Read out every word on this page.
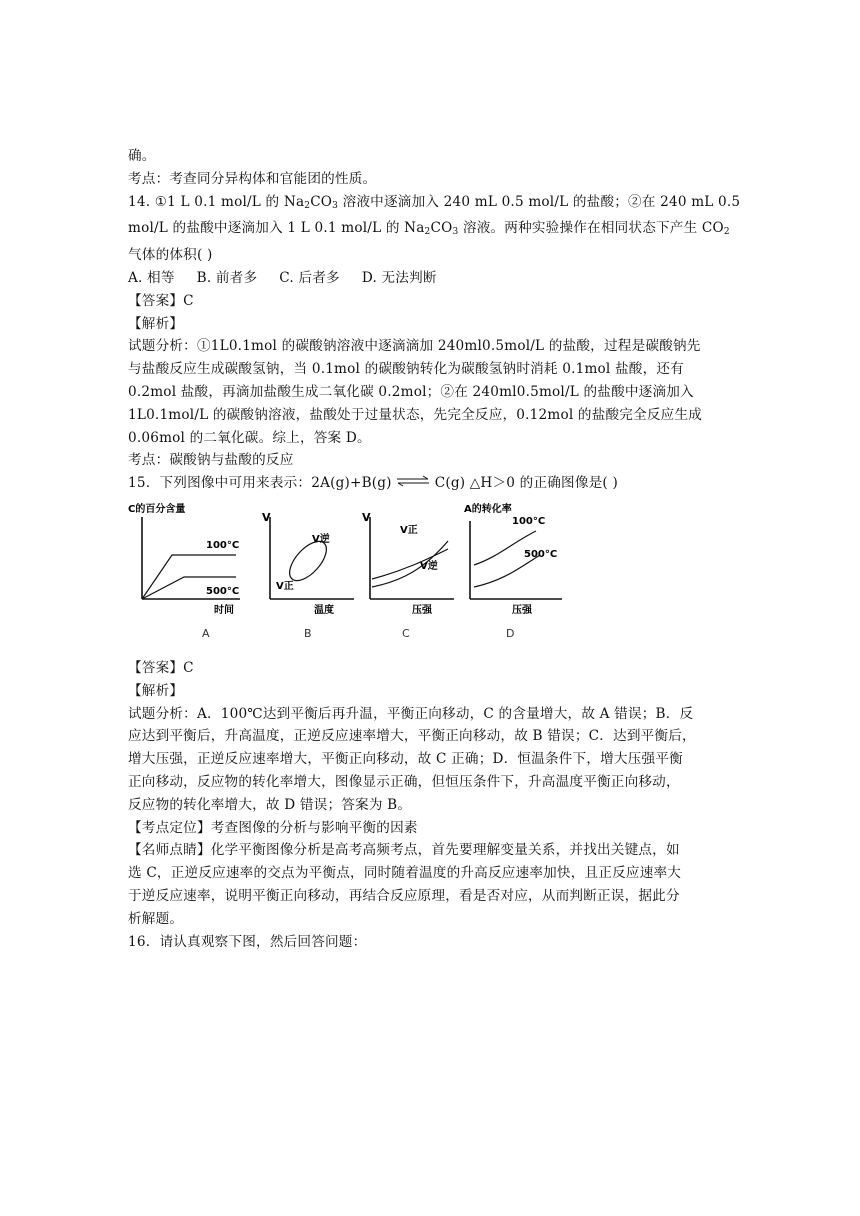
确。
考点：考查同分异构体和官能团的性质。
14. ①1 L 0.1 mol/L 的 $Na_2CO_3$ 溶液中逐滴加入 240 mL 0.5 mol/L 的盐酸；②在 240 mL 0.5
mol/L 的盐酸中逐滴加入 1 L 0.1 mol/L 的 $Na_2CO_3$ 溶液。两种实验操作在相同状态下产生 $CO_2$
气体的体积( )
A. 相等 B. 前者多 C. 后者多 D. 无法判断
【答案】C
【解析】
试题分析：①1L0.1mol 的碳酸钠溶液中逐滴滴加 240ml0.5mol/L 的盐酸，过程是碳酸钠先
与盐酸反应生成碳酸氢钠，当 0.1mol 的碳酸钠转化为碳酸氢钠时消耗 0.1mol 盐酸，还有
0.2mol 盐酸，再滴加盐酸生成二氧化碳 0.2mol；②在 240ml0.5mol/L 的盐酸中逐滴加入
1L0.1mol/L 的碳酸钠溶液，盐酸处于过量状态，先完全反应，0.12mol 的盐酸完全反应生成
0.06mol 的二氧化碳。综上，答案 D。
考点：碳酸钠与盐酸的反应
15．下列图像中可用来表示：2A(g)+B(g) ⇌ C(g) △H＞0 的正确图像是( )
C的百分含量
100°C
500°C
时间
A
V
V逆
V正
温度
B
V
V正
V逆
压强
C
A的转化率
100°C
500°C
压强
D
【答案】C
【解析】
试题分析：A．100℃达到平衡后再升温，平衡正向移动，C 的含量增大，故 A 错误；B．反
应达到平衡后，升高温度，正逆反应速率增大，平衡正向移动，故 B 错误；C．达到平衡后，
增大压强，正逆反应速率增大，平衡正向移动，故 C 正确；D．恒温条件下，增大压强平衡
正向移动，反应物的转化率增大，图像显示正确，但恒压条件下，升高温度平衡正向移动，
反应物的转化率增大，故 D 错误；答案为 B。
【考点定位】考查图像的分析与影响平衡的因素
【名师点睛】化学平衡图像分析是高考高频考点，首先要理解变量关系，并找出关键点，如
选 C，正逆反应速率的交点为平衡点，同时随着温度的升高反应速率加快，且正反应速率大
于逆反应速率，说明平衡正向移动，再结合反应原理，看是否对应，从而判断正误，据此分
析解题。
16．请认真观察下图，然后回答问题：
